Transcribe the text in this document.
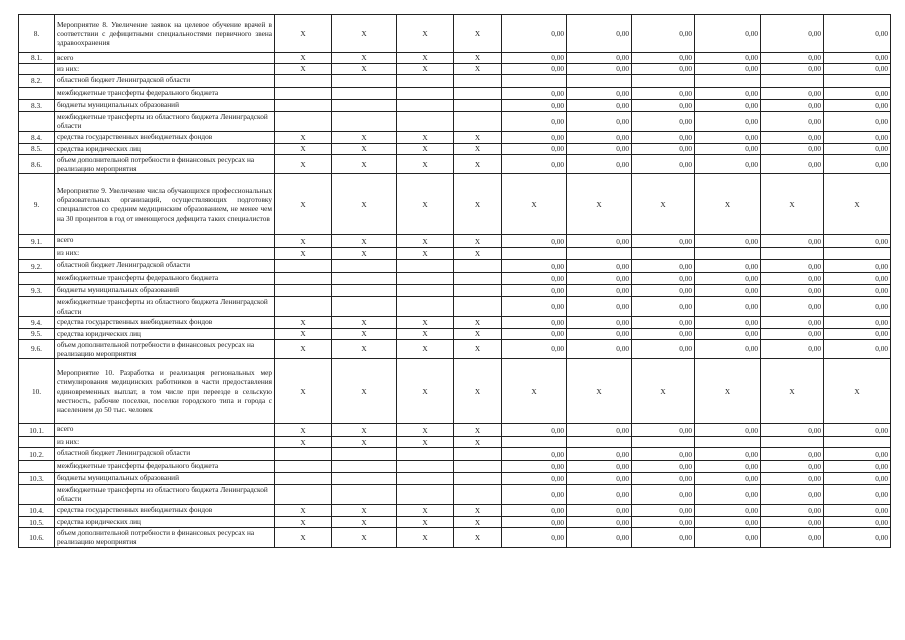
8.	Мероприятие 8. Увеличение заявок на целевое обучение врачей в соответствии с дефицитными специальностями первичного звена здравоохранения	Х	Х	Х	Х	0,00	0,00	0,00	0,00	0,00	0,00
8.1.	всего	Х	Х	Х	Х	0,00	0,00	0,00	0,00	0,00	0,00
	из них:	Х	Х	Х	Х	0,00	0,00	0,00	0,00	0,00	0,00
8.2.	областной бюджет Ленинградской области										
	межбюджетные трансферты федерального бюджета					0,00	0,00	0,00	0,00	0,00	0,00
8.3.	бюджеты муниципальных образований					0,00	0,00	0,00	0,00	0,00	0,00
	межбюджетные трансферты из областного бюджета Ленинградской области					0,00	0,00	0,00	0,00	0,00	0,00
8.4.	средства государственных внебюджетных фондов	Х	Х	Х	Х	0,00	0,00	0,00	0,00	0,00	0,00
8.5.	средства юридических лиц	Х	Х	Х	Х	0,00	0,00	0,00	0,00	0,00	0,00
8.6.	объем дополнительной потребности в финансовых ресурсах на реализацию мероприятия	Х	Х	Х	Х	0,00	0,00	0,00	0,00	0,00	0,00
9.	Мероприятие 9. Увеличение числа обучающихся профессиональных образовательных организаций, осуществляющих подготовку специалистов со средним медицинским образованием, не менее чем на 30 процентов в год от имеющегося дефицита таких специалистов	Х	Х	Х	Х	Х	Х	Х	Х	Х	Х
9.1.	всего	Х	Х	Х	Х	0,00	0,00	0,00	0,00	0,00	0,00
	из них:	Х	Х	Х	Х						
9.2.	областной бюджет Ленинградской области					0,00	0,00	0,00	0,00	0,00	0,00
	межбюджетные трансферты федерального бюджета					0,00	0,00	0,00	0,00	0,00	0,00
9.3.	бюджеты муниципальных образований					0,00	0,00	0,00	0,00	0,00	0,00
	межбюджетные трансферты из областного бюджета Ленинградской области					0,00	0,00	0,00	0,00	0,00	0,00
9.4.	средства государственных внебюджетных фондов	Х	Х	Х	Х	0,00	0,00	0,00	0,00	0,00	0,00
9.5.	средства юридических лиц	Х	Х	Х	Х	0,00	0,00	0,00	0,00	0,00	0,00
9.6.	объем дополнительной потребности в финансовых ресурсах на реализацию мероприятия	Х	Х	Х	Х	0,00	0,00	0,00	0,00	0,00	0,00
10.	Мероприятие 10. Разработка и реализация региональных мер стимулирования медицинских работников в части предоставления единовременных выплат, в том числе при переезде в сельскую местность, рабочие поселки, поселки городского типа и города с населением до 50 тыс. человек	Х	Х	Х	Х	Х	Х	Х	Х	Х	Х
10.1.	всего	Х	Х	Х	Х	0,00	0,00	0,00	0,00	0,00	0,00
	из них:	Х	Х	Х	Х						
10.2.	областной бюджет Ленинградской области					0,00	0,00	0,00	0,00	0,00	0,00
	межбюджетные трансферты федерального бюджета					0,00	0,00	0,00	0,00	0,00	0,00
10.3.	бюджеты муниципальных образований					0,00	0,00	0,00	0,00	0,00	0,00
	межбюджетные трансферты из областного бюджета Ленинградской области					0,00	0,00	0,00	0,00	0,00	0,00
10.4.	средства государственных внебюджетных фондов	Х	Х	Х	Х	0,00	0,00	0,00	0,00	0,00	0,00
10.5.	средства юридических лиц	Х	Х	Х	Х	0,00	0,00	0,00	0,00	0,00	0,00
10.6.	объем дополнительной потребности в финансовых ресурсах на реализацию мероприятия	Х	Х	Х	Х	0,00	0,00	0,00	0,00	0,00	0,00
